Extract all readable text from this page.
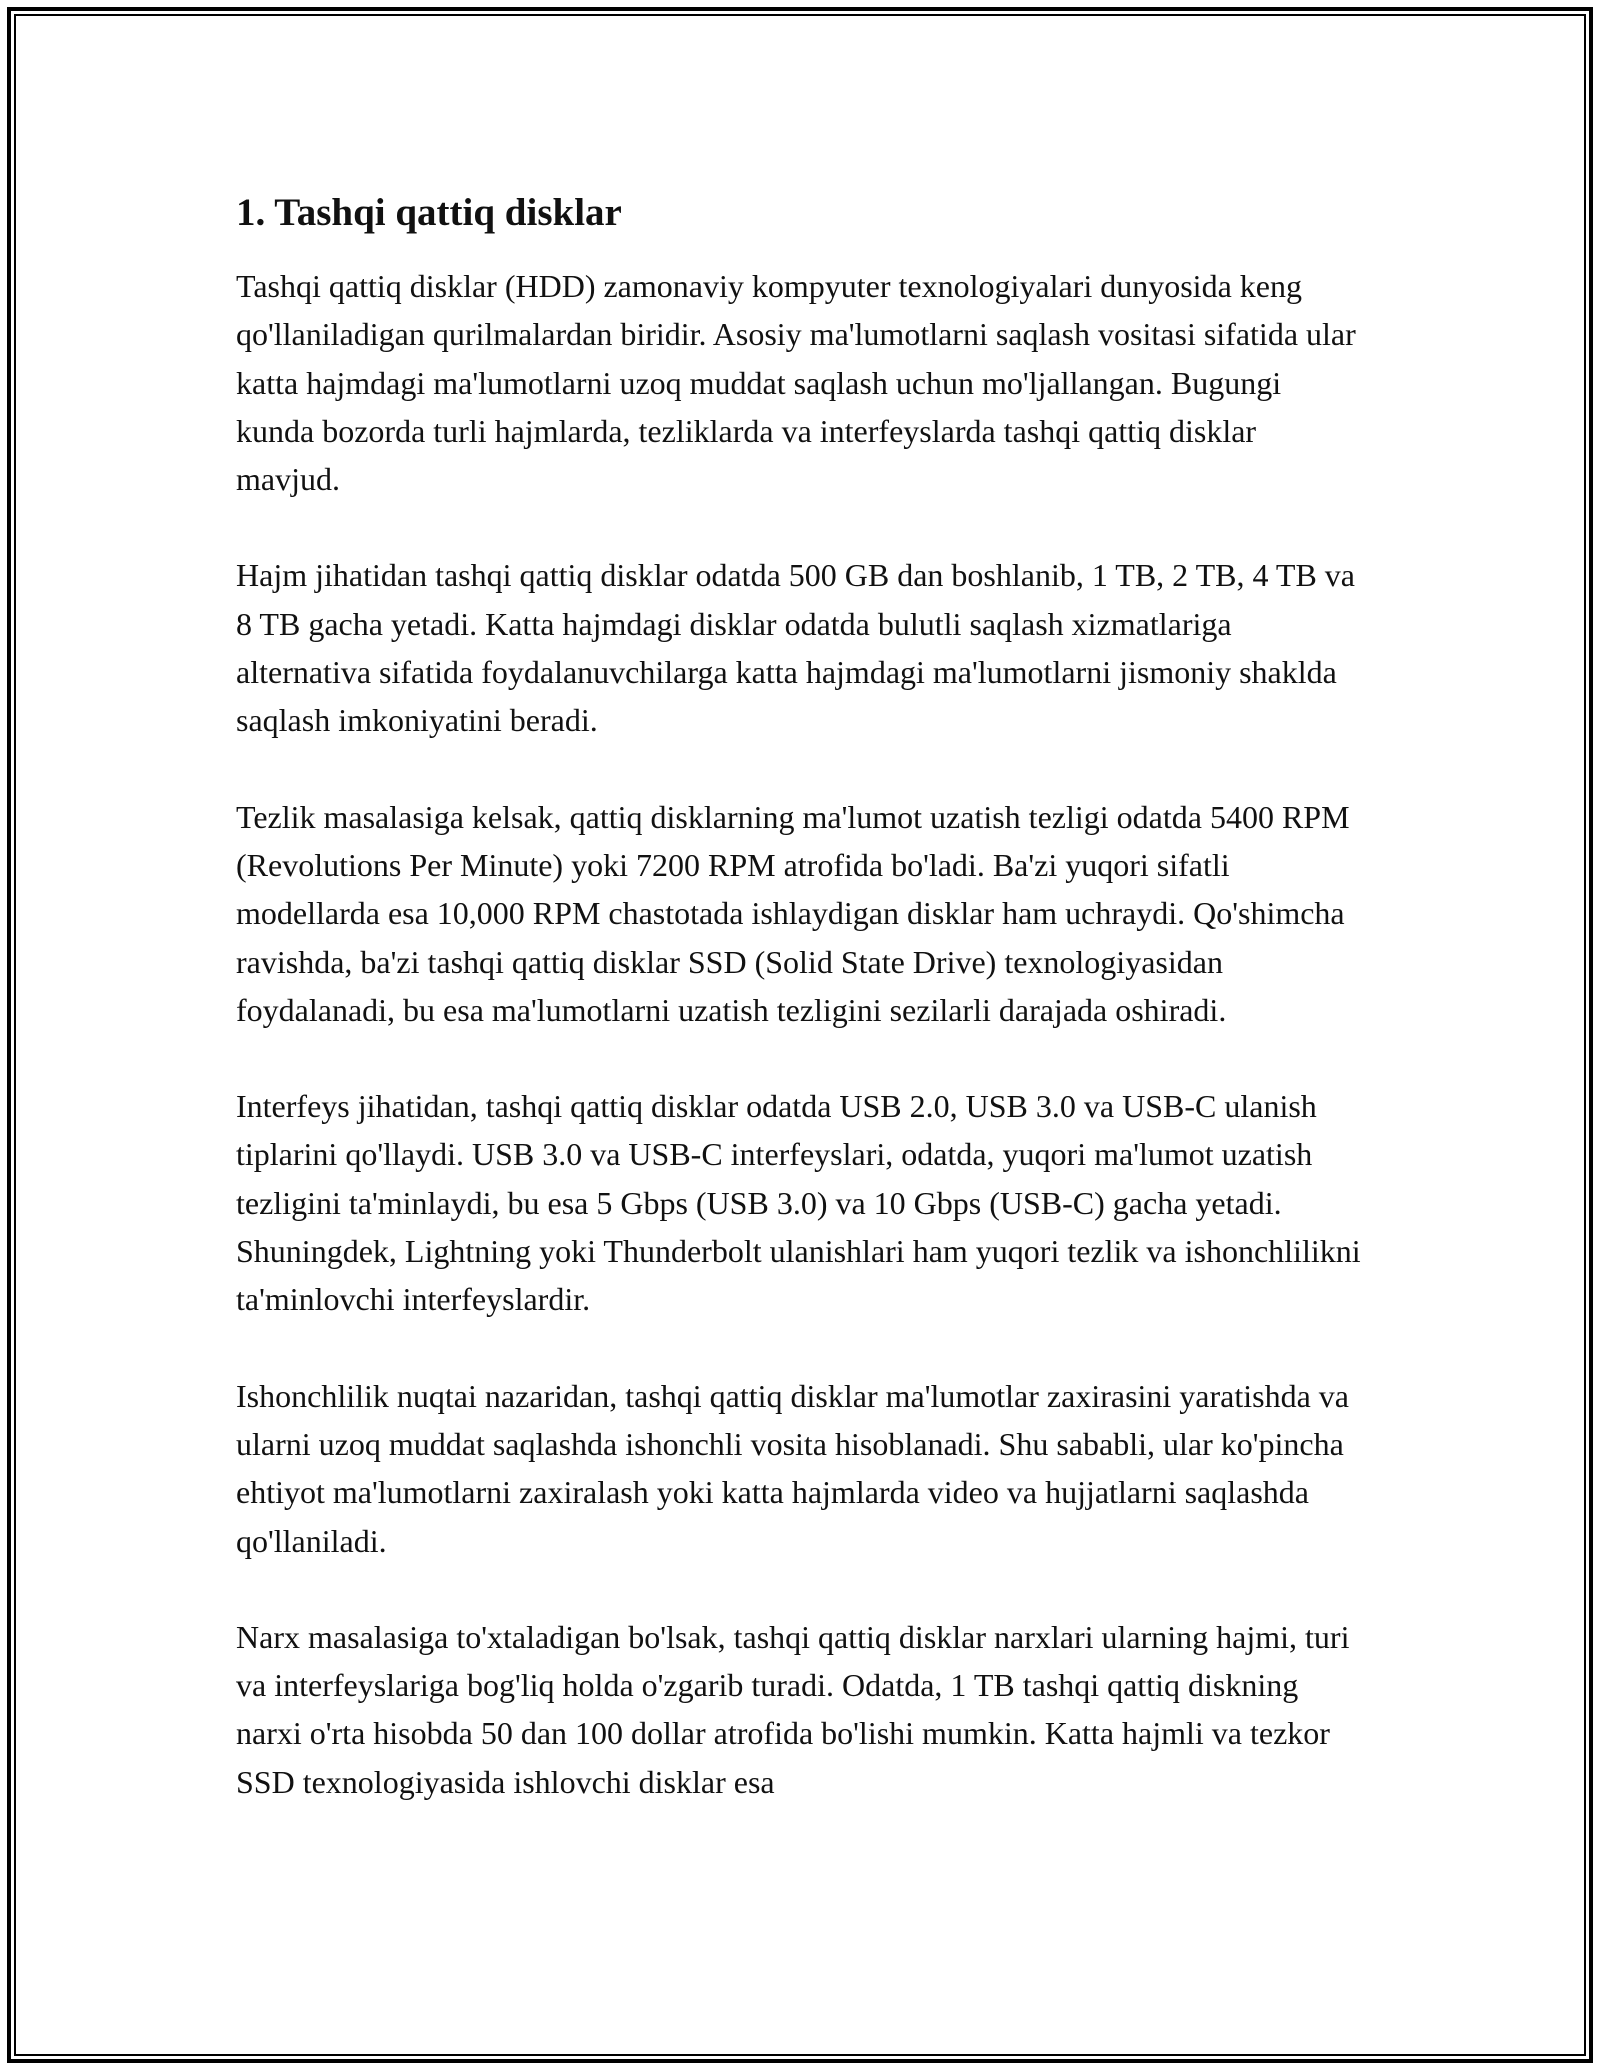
1. Tashqi qattiq disklar

Tashqi qattiq disklar (HDD) zamonaviy kompyuter texnologiyalari dunyosida keng qo'llaniladigan qurilmalardan biridir. Asosiy ma'lumotlarni saqlash vositasi sifatida ular katta hajmdagi ma'lumotlarni uzoq muddat saqlash uchun mo'ljallangan. Bugungi kunda bozorda turli hajmlarda, tezliklarda va interfeyslarda tashqi qattiq disklar mavjud.

Hajm jihatidan tashqi qattiq disklar odatda 500 GB dan boshlanib, 1 TB, 2 TB, 4 TB va 8 TB gacha yetadi. Katta hajmdagi disklar odatda bulutli saqlash xizmatlariga alternativa sifatida foydalanuvchilarga katta hajmdagi ma'lumotlarni jismoniy shaklda saqlash imkoniyatini beradi.

Tezlik masalasiga kelsak, qattiq disklarning ma'lumot uzatish tezligi odatda 5400 RPM (Revolutions Per Minute) yoki 7200 RPM atrofida bo'ladi. Ba'zi yuqori sifatli modellarda esa 10,000 RPM chastotada ishlaydigan disklar ham uchraydi. Qo'shimcha ravishda, ba'zi tashqi qattiq disklar SSD (Solid State Drive) texnologiyasidan foydalanadi, bu esa ma'lumotlarni uzatish tezligini sezilarli darajada oshiradi.

Interfeys jihatidan, tashqi qattiq disklar odatda USB 2.0, USB 3.0 va USB-C ulanish tiplarini qo'llaydi. USB 3.0 va USB-C interfeyslari, odatda, yuqori ma'lumot uzatish tezligini ta'minlaydi, bu esa 5 Gbps (USB 3.0) va 10 Gbps (USB-C) gacha yetadi. Shuningdek, Lightning yoki Thunderbolt ulanishlari ham yuqori tezlik va ishonchlilikni ta'minlovchi interfeyslardir.

Ishonchlilik nuqtai nazaridan, tashqi qattiq disklar ma'lumotlar zaxirasini yaratishda va ularni uzoq muddat saqlashda ishonchli vosita hisoblanadi. Shu sababli, ular ko'pincha ehtiyot ma'lumotlarni zaxiralash yoki katta hajmlarda video va hujjatlarni saqlashda qo'llaniladi.

Narx masalasiga to'xtaladigan bo'lsak, tashqi qattiq disklar narxlari ularning hajmi, turi va interfeyslariga bog'liq holda o'zgarib turadi. Odatda, 1 TB tashqi qattiq diskning narxi o'rta hisobda 50 dan 100 dollar atrofida bo'lishi mumkin. Katta hajmli va tezkor SSD texnologiyasida ishlovchi disklar esa
